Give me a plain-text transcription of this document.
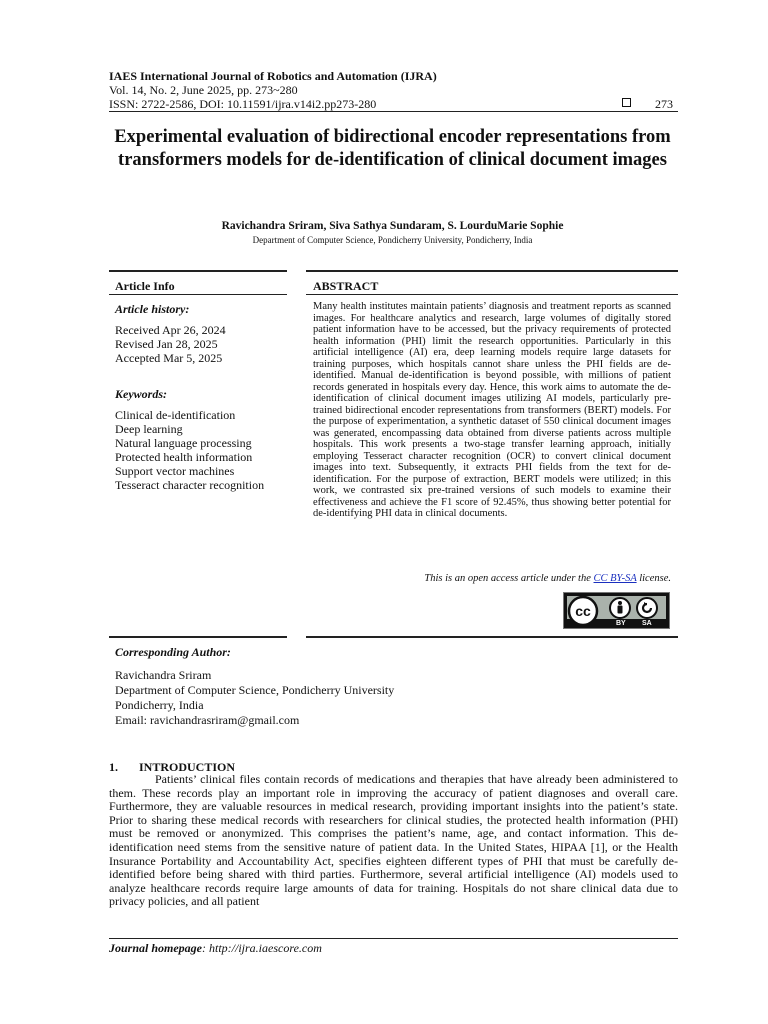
IAES International Journal of Robotics and Automation (IJRA)
Vol. 14, No. 2, June 2025, pp. 273~280
ISSN: 2722-2586, DOI: 10.11591/ijra.v14i2.pp273-280	273
Experimental evaluation of bidirectional encoder representations from transformers models for de-identification of clinical document images
Ravichandra Sriram, Siva Sathya Sundaram, S. LourduMarie Sophie
Department of Computer Science, Pondicherry University, Pondicherry, India
Article Info
Article history:
Received Apr 26, 2024
Revised Jan 28, 2025
Accepted Mar 5, 2025
Keywords:
Clinical de-identification
Deep learning
Natural language processing
Protected health information
Support vector machines
Tesseract character recognition
ABSTRACT
Many health institutes maintain patients’ diagnosis and treatment reports as scanned images. For healthcare analytics and research, large volumes of digitally stored patient information have to be accessed, but the privacy requirements of protected health information (PHI) limit the research opportunities. Particularly in this artificial intelligence (AI) era, deep learning models require large datasets for training purposes, which hospitals cannot share unless the PHI fields are de-identified. Manual de-identification is beyond possible, with millions of patient records generated in hospitals every day. Hence, this work aims to automate the de-identification of clinical document images utilizing AI models, particularly pre-trained bidirectional encoder representations from transformers (BERT) models. For the purpose of experimentation, a synthetic dataset of 550 clinical document images was generated, encompassing data obtained from diverse patients across multiple hospitals. This work presents a two-stage transfer learning approach, initially employing Tesseract character recognition (OCR) to convert clinical document images into text. Subsequently, it extracts PHI fields from the text for de-identification. For the purpose of extraction, BERT models were utilized; in this work, we contrasted six pre-trained versions of such models to examine their effectiveness and achieve the F1 score of 92.45%, thus showing better potential for de-identifying PHI data in clinical documents.
This is an open access article under the CC BY-SA license.
cc
BY SA
Corresponding Author:
Ravichandra Sriram
Department of Computer Science, Pondicherry University
Pondicherry, India
Email: ravichandrasriram@gmail.com
1.       INTRODUCTION

Patients’ clinical files contain records of medications and therapies that have already been administered to them. These records play an important role in improving the accuracy of patient diagnoses and overall care. Furthermore, they are valuable resources in medical research, providing important insights into the patient’s state. Prior to sharing these medical records with researchers for clinical studies, the protected health information (PHI) must be removed or anonymized. This comprises the patient’s name, age, and contact information. This de-identification need stems from the sensitive nature of patient data. In the United States, HIPAA [1], or the Health Insurance Portability and Accountability Act, specifies eighteen different types of PHI that must be carefully de-identified before being shared with third parties. Furthermore, several artificial intelligence (AI) models used to analyze healthcare records require large amounts of data for training. Hospitals do not share clinical data due to privacy policies, and all patient

Journal homepage: http://ijra.iaescore.com
